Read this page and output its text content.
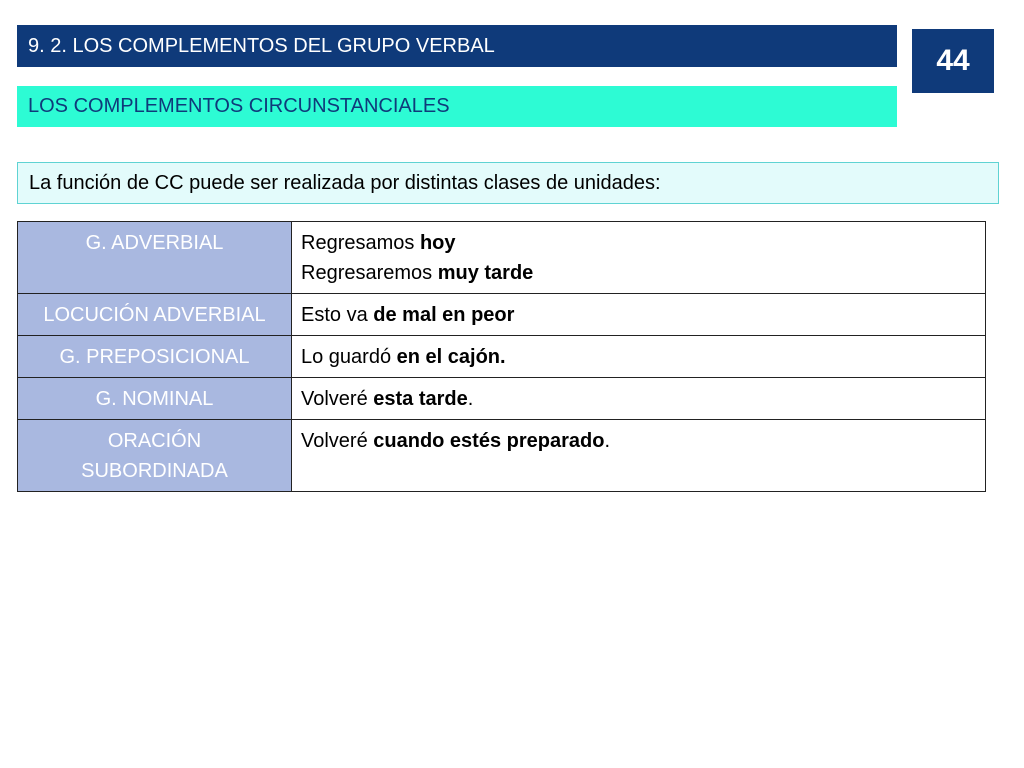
9. 2. LOS COMPLEMENTOS DEL GRUPO VERBAL	44
LOS COMPLEMENTOS CIRCUNSTANCIALES
La función de CC puede ser realizada por distintas clases de unidades:
G. ADVERBIAL	Regresamos hoy
Regresaremos muy tarde

LOCUCIÓN ADVERBIAL	Esto va de mal en peor

G. PREPOSICIONAL	Lo guardó en el cajón.

G. NOMINAL	Volveré esta tarde.

ORACIÓN
SUBORDINADA	Volveré cuando estés preparado.
